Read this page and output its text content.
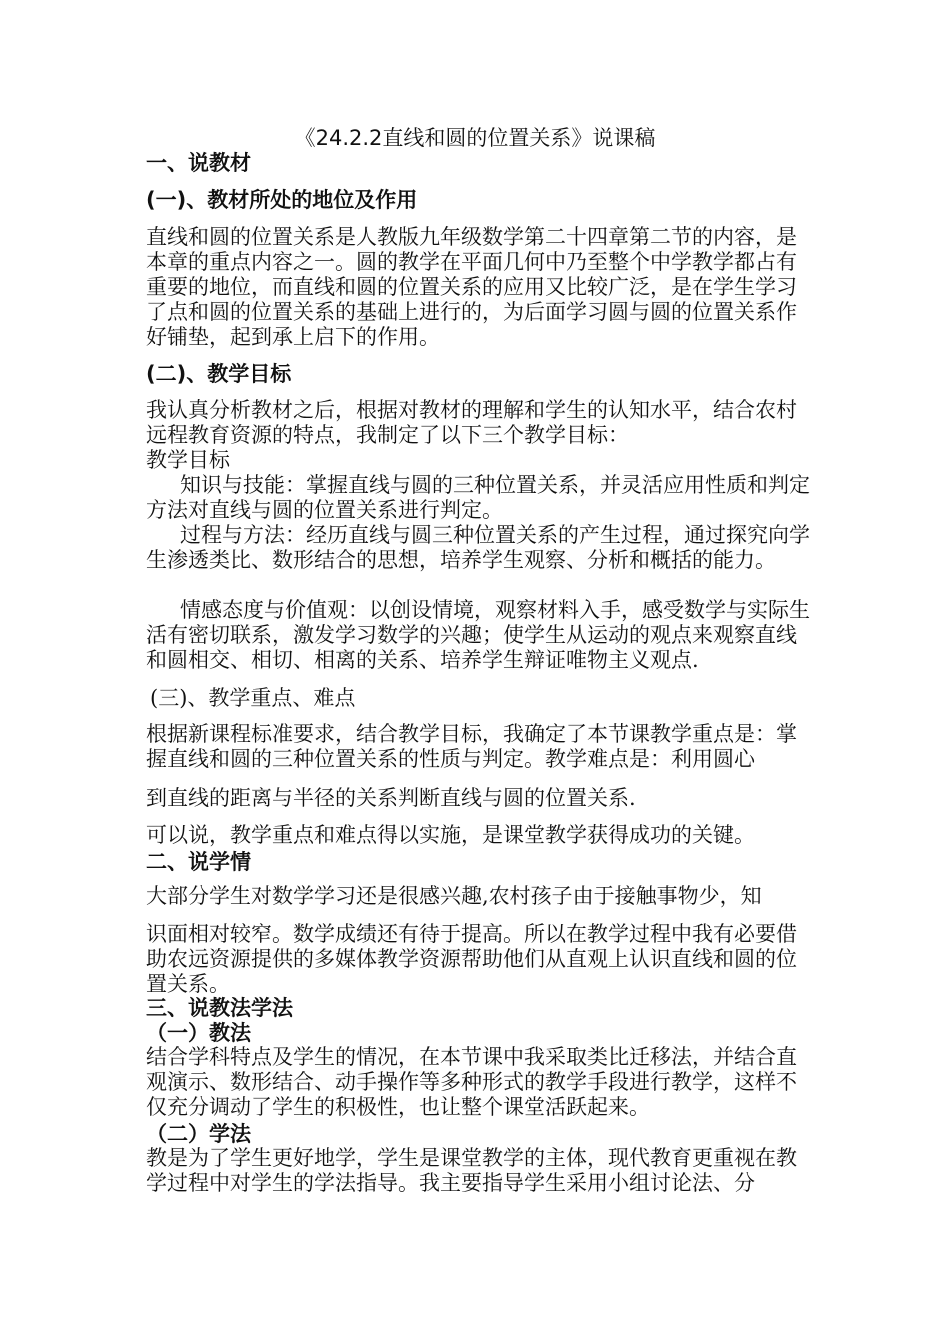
《24.2.2直线和圆的位置关系》说课稿
一、说教材
(一)、教材所处的地位及作用
直线和圆的位置关系是人教版九年级数学第二十四章第二节的内容，是本章的重点内容之一。圆的教学在平面几何中乃至整个中学教学都占有重要的地位，而直线和圆的位置关系的应用又比较广泛，是在学生学习了点和圆的位置关系的基础上进行的，为后面学习圆与圆的位置关系作好铺垫，起到承上启下的作用。
(二)、教学目标
我认真分析教材之后，根据对教材的理解和学生的认知水平，结合农村远程教育资源的特点，我制定了以下三个教学目标：
教学目标
知识与技能：掌握直线与圆的三种位置关系，并灵活应用性质和判定方法对直线与圆的位置关系进行判定。
过程与方法：经历直线与圆三种位置关系的产生过程，通过探究向学生渗透类比、数形结合的思想，培养学生观察、分析和概括的能力。
情感态度与价值观：以创设情境，观察材料入手，感受数学与实际生活有密切联系，激发学习数学的兴趣；使学生从运动的观点来观察直线和圆相交、相切、相离的关系、培养学生辩证唯物主义观点.
(三)、教学重点、难点
根据新课程标准要求，结合教学目标，我确定了本节课教学重点是：掌握直线和圆的三种位置关系的性质与判定。教学难点是：利用圆心
到直线的距离与半径的关系判断直线与圆的位置关系.
可以说，教学重点和难点得以实施，是课堂教学获得成功的关键。
二、说学情
大部分学生对数学学习还是很感兴趣,农村孩子由于接触事物少，知
识面相对较窄。数学成绩还有待于提高。所以在教学过程中我有必要借助农远资源提供的多媒体教学资源帮助他们从直观上认识直线和圆的位置关系。
三、说教法学法
（一）教法
结合学科特点及学生的情况，在本节课中我采取类比迁移法，并结合直观演示、数形结合、动手操作等多种形式的教学手段进行教学，这样不仅充分调动了学生的积极性，也让整个课堂活跃起来。
（二）学法
教是为了学生更好地学，学生是课堂教学的主体，现代教育更重视在教学过程中对学生的学法指导。我主要指导学生采用小组讨论法、分
